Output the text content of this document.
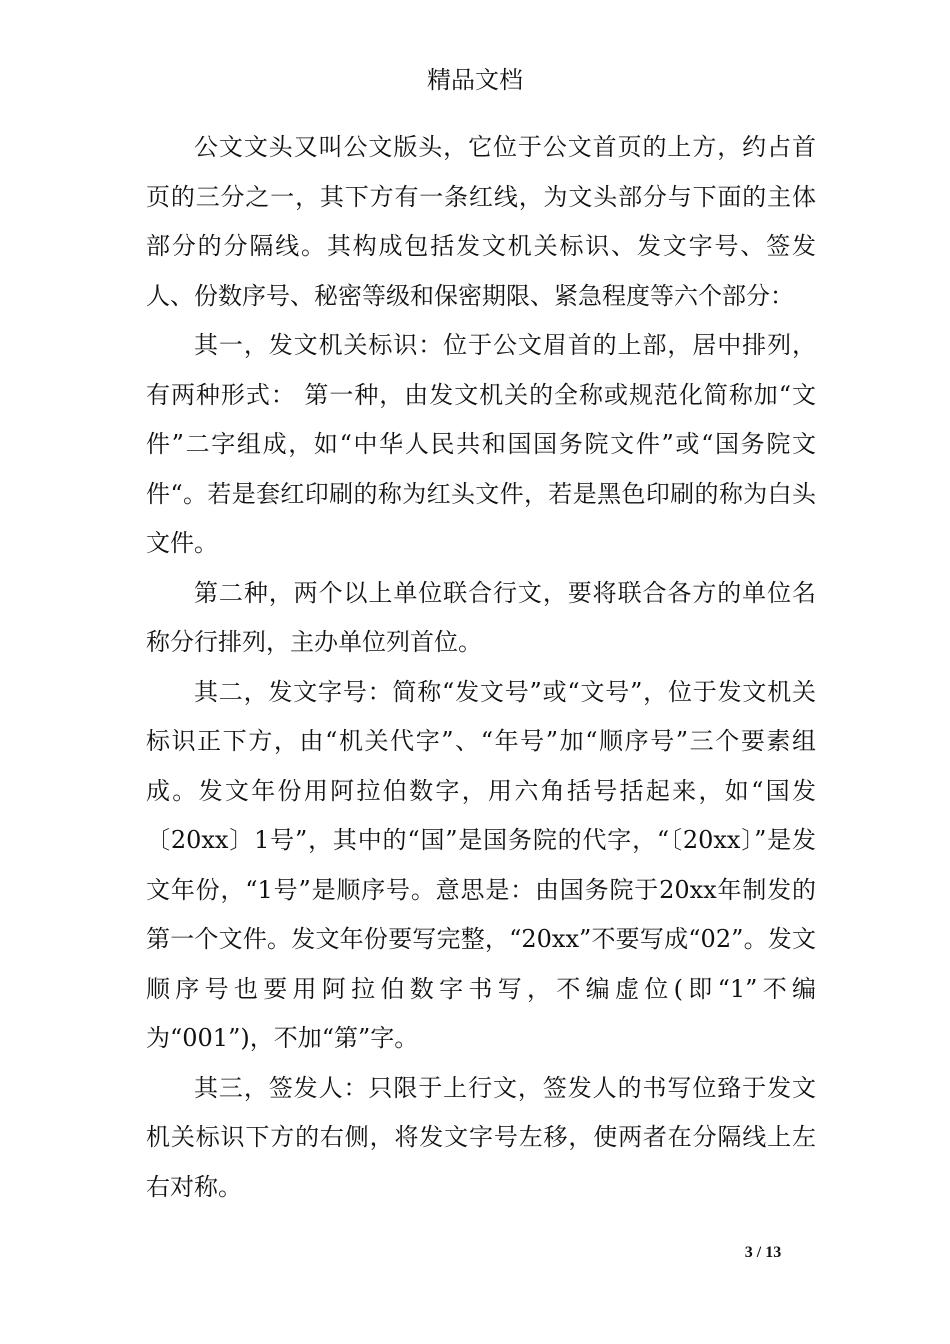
精品文档

公文文头又叫公文版头，它位于公文首页的上方，约占首页的三分之一，其下方有一条红线，为文头部分与下面的主体部分的分隔线。其构成包括发文机关标识、发文字号、签发人、份数序号、秘密等级和保密期限、紧急程度等六个部分：

其一，发文机关标识：位于公文眉首的上部，居中排列，有两种形式： 第一种，由发文机关的全称或规范化简称加“文件”二字组成，如“中华人民共和国国务院文件”或“国务院文件“。若是套红印刷的称为红头文件，若是黑色印刷的称为白头文件。

第二种，两个以上单位联合行文，要将联合各方的单位名称分行排列，主办单位列首位。

其二，发文字号：简称“发文号”或“文号”，位于发文机关标识正下方，由“机关代字”、“年号”加“顺序号”三个要素组成。发文年份用阿拉伯数字，用六角括号括起来，如“国发〔20xx〕1号”，其中的“国”是国务院的代字，“〔20xx〕”是发文年份，“1号”是顺序号。意思是：由国务院于20xx年制发的第一个文件。发文年份要写完整，“20xx”不要写成“02”。发文顺序号也要用阿拉伯数字书写，不编虚位(即“1”不编为“001”)，不加“第”字。

其三，签发人：只限于上行文，签发人的书写位臵于发文机关标识下方的右侧，将发文字号左移，使两者在分隔线上左右对称。

3 / 13
